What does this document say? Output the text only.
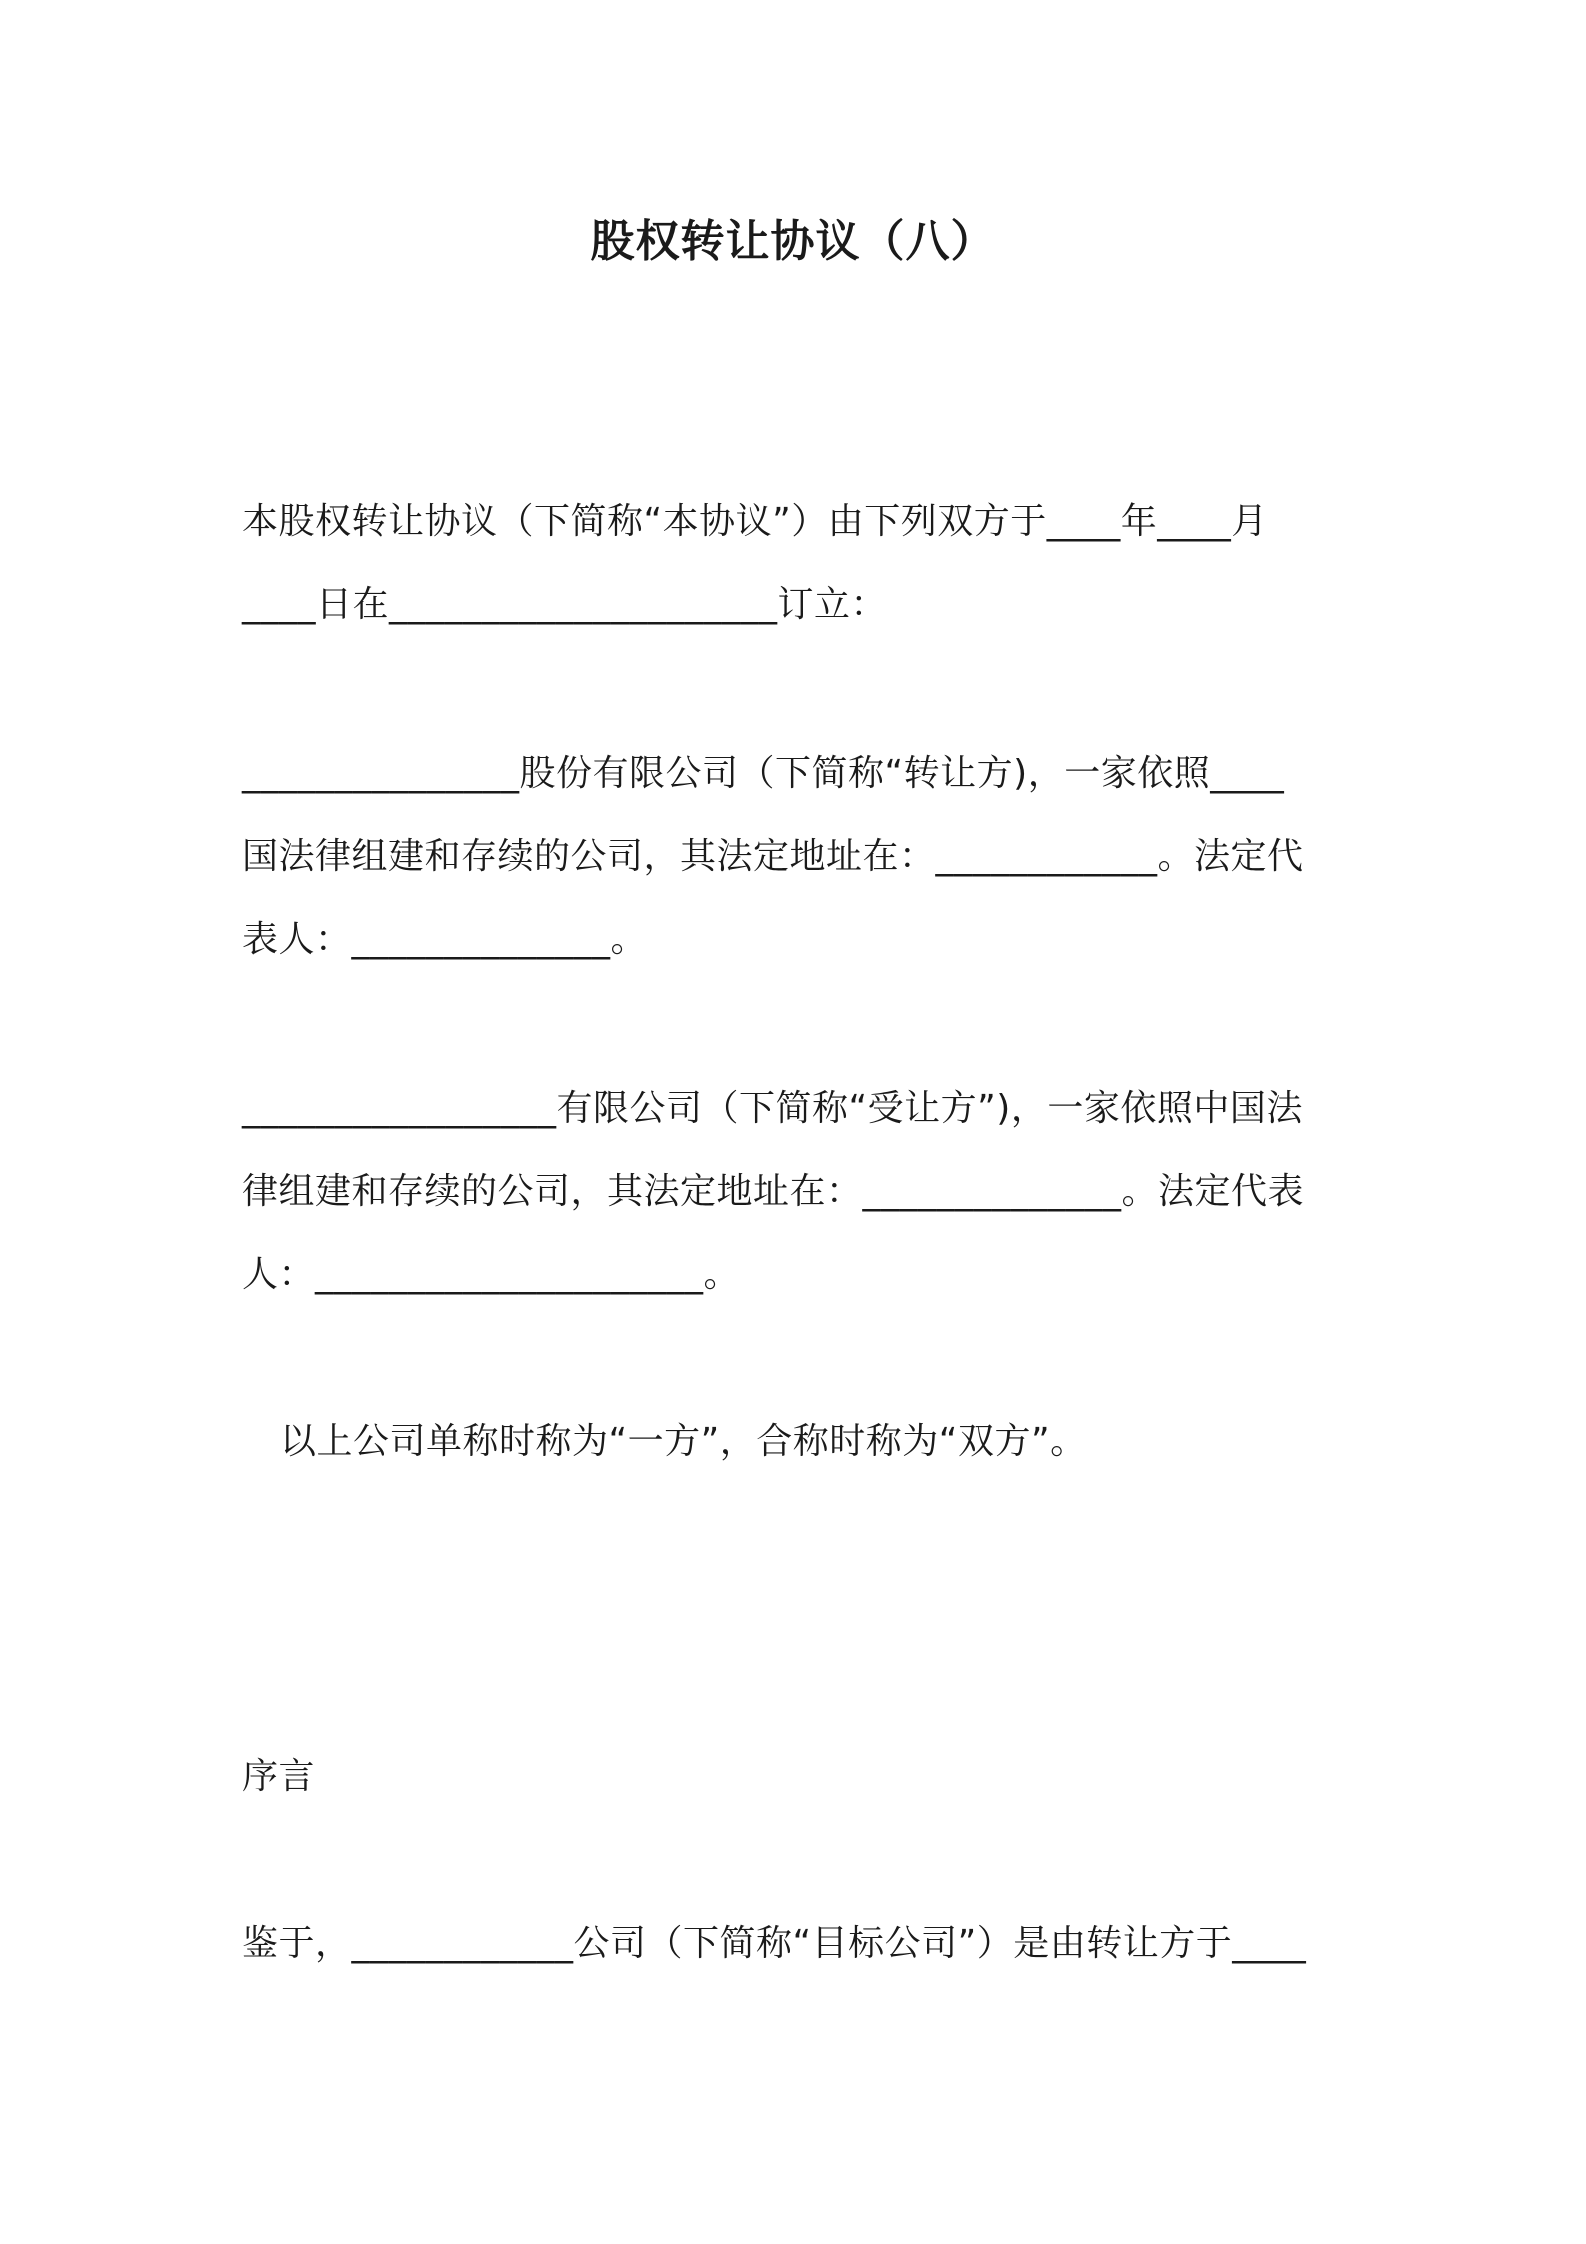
股权转让协议（八）
本股权转让协议（下简称“本协议”）由下列双方于____年____月
____日在_____________________订立：
_______________股份有限公司（下简称“转让方)，一家依照____
国法律组建和存续的公司，其法定地址在：____________。法定代
表人：______________。
_________________有限公司（下简称“受让方”)，一家依照中国法
律组建和存续的公司，其法定地址在：______________。法定代表
人：_____________________。
以上公司单称时称为“一方”，合称时称为“双方”。
序言
鉴于，____________公司（下简称“目标公司”）是由转让方于____
